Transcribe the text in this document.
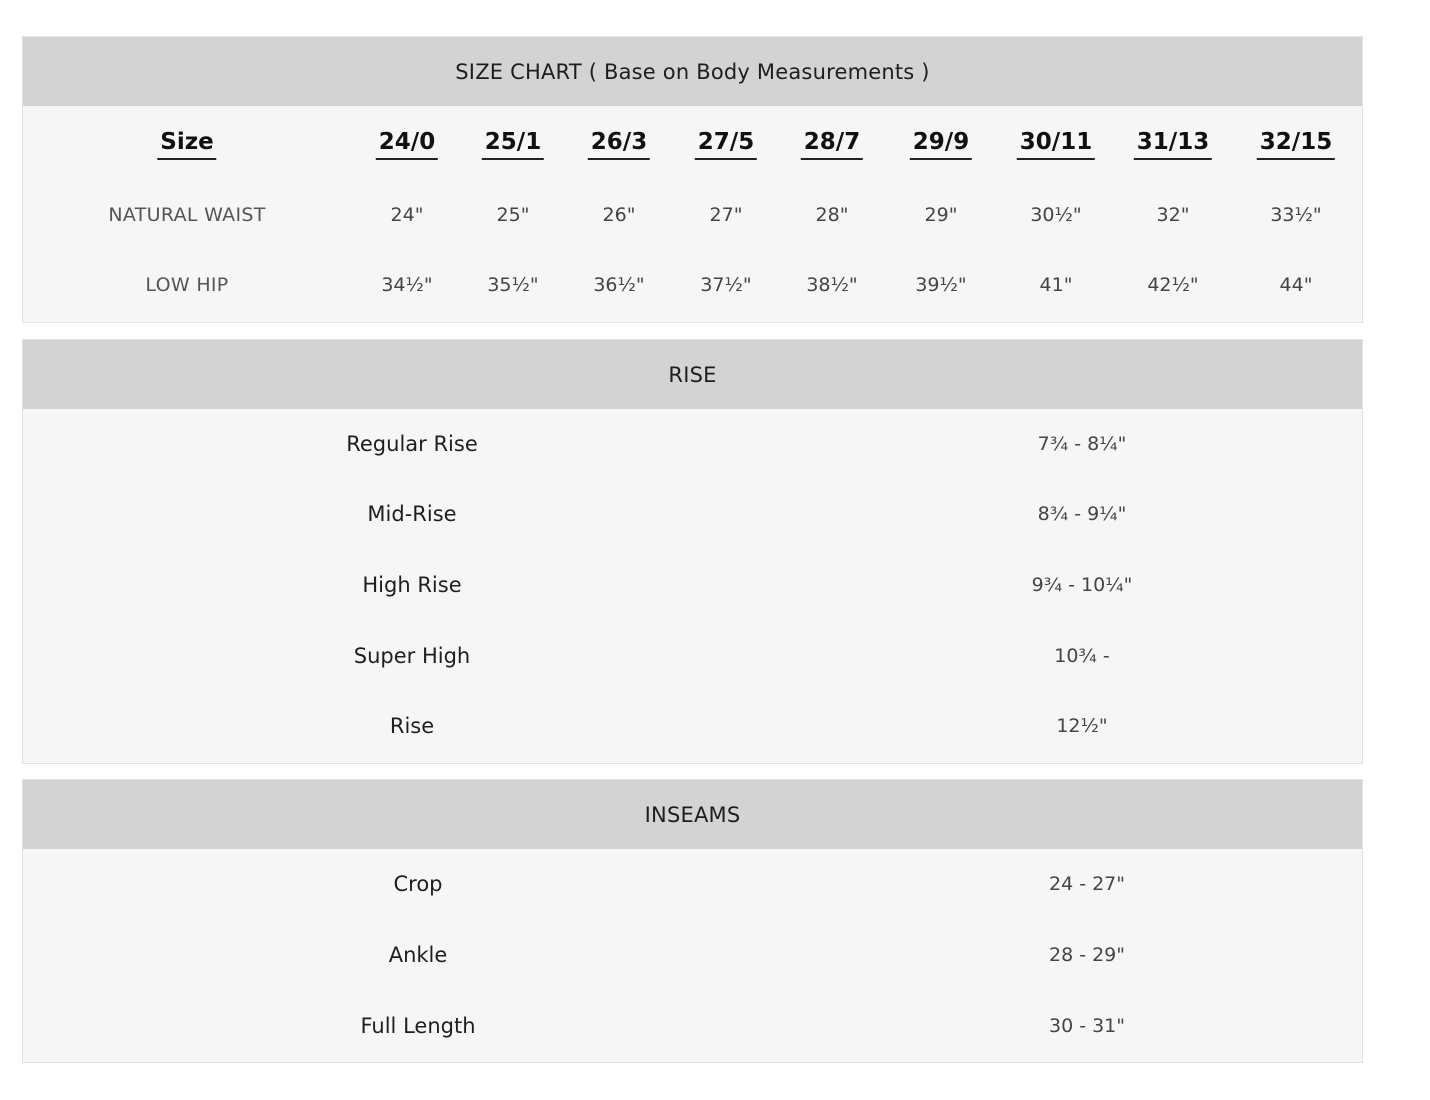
SIZE CHART ( Base on Body Measurements )
Size	24/0 25/1 26/3 27/5 28/7 29/9 30/11 31/13 32/15
NATURAL WAIST	24"	25"	26"	27"	28"	29"	30½"	32"	33½"
LOW HIP	34½"	35½"	36½"	37½"	38½"	39½"	41"	42½"	44"
RISE
Regular Rise	7¾ - 8¼"
Mid-Rise	8¾ - 9¼"
High Rise	9¾ - 10¼"
Super High	10¾ -
Rise	12½"
INSEAMS
Crop	24 - 27"
Ankle	28 - 29"
Full Length	30 - 31"
